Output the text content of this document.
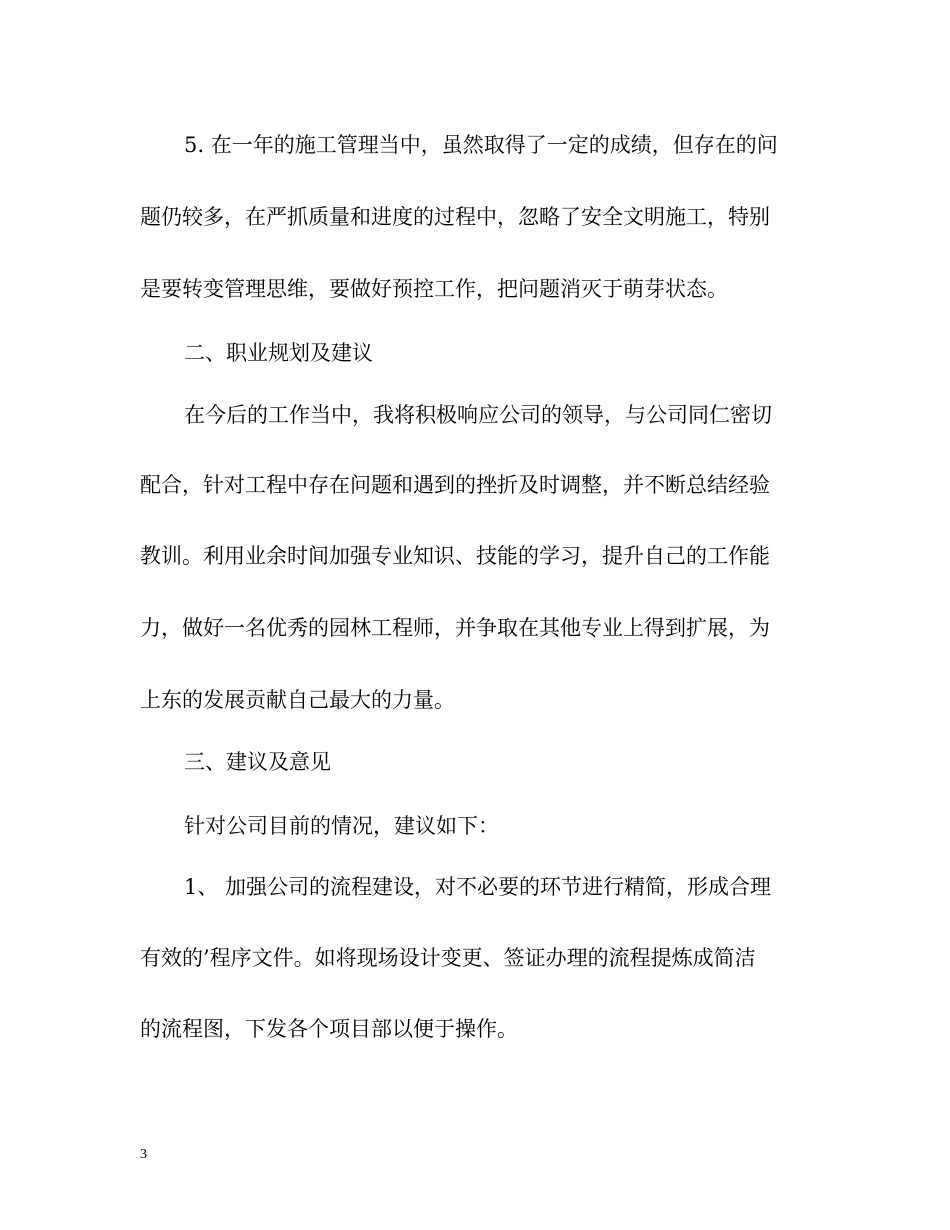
5. 在一年的施工管理当中，虽然取得了一定的成绩，但存在的问
题仍较多，在严抓质量和进度的过程中，忽略了安全文明施工，特别
是要转变管理思维，要做好预控工作，把问题消灭于萌芽状态。
二、职业规划及建议
在今后的工作当中，我将积极响应公司的领导，与公司同仁密切
配合，针对工程中存在问题和遇到的挫折及时调整，并不断总结经验
教训。利用业余时间加强专业知识、技能的学习，提升自己的工作能
力，做好一名优秀的园林工程师，并争取在其他专业上得到扩展，为
上东的发展贡献自己最大的力量。
三、建议及意见
针对公司目前的情况，建议如下：
1、 加强公司的流程建设，对不必要的环节进行精简，形成合理
有效的’程序文件。如将现场设计变更、签证办理的流程提炼成简洁
的流程图，下发各个项目部以便于操作。
3
